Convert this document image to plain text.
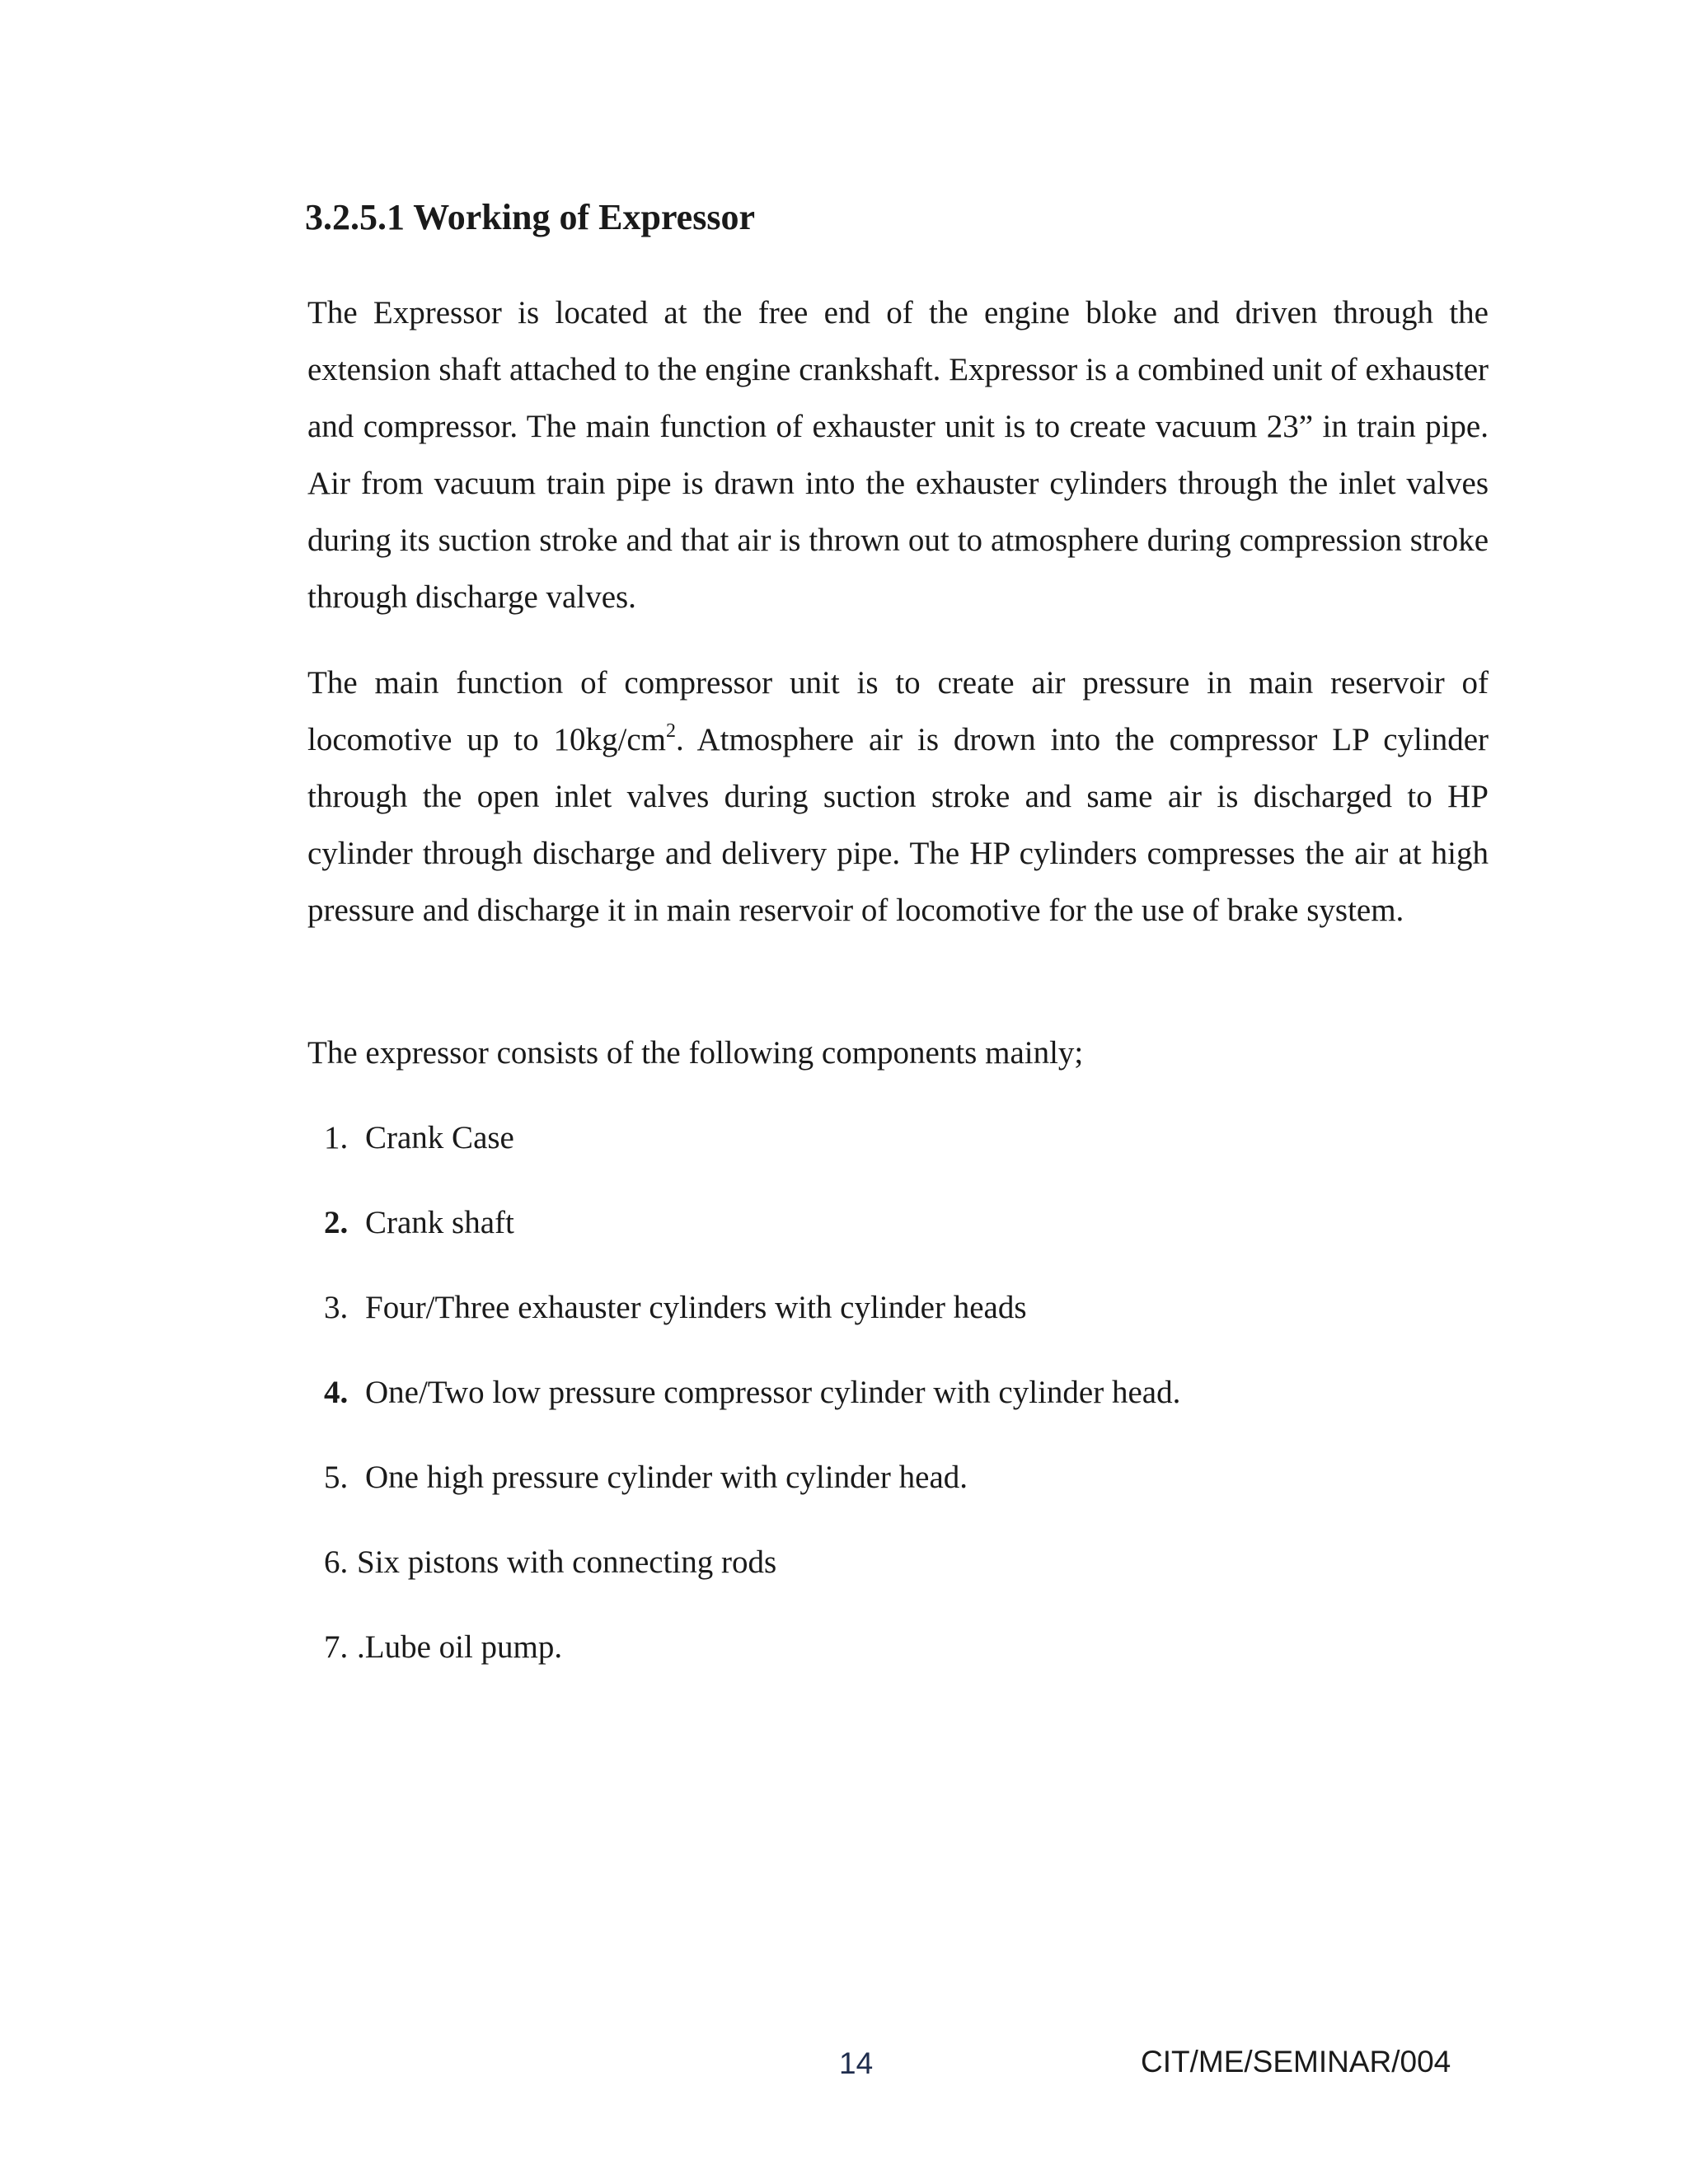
3.2.5.1 Working of Expressor

The Expressor is located at the free end of the engine bloke and driven through the extension shaft attached to the engine crankshaft. Expressor is a combined unit of exhauster and compressor. The main function of exhauster unit is to create vacuum 23” in train pipe. Air from vacuum train pipe is drawn into the exhauster cylinders through the inlet valves during its suction stroke and that air is thrown out to atmosphere during compression stroke through discharge valves.

The main function of compressor unit is to create air pressure in main reservoir of locomotive up to $10kg/cm^2$. Atmosphere air is drown into the compressor LP cylinder through the open inlet valves during suction stroke and same air is discharged to HP cylinder through discharge and delivery pipe. The HP cylinders compresses the air at high pressure and discharge it in main reservoir of locomotive for the use of brake system.

The expressor consists of the following components mainly;

1. Crank Case
2. Crank shaft
3. Four/Three exhauster cylinders with cylinder heads
4. One/Two low pressure compressor cylinder with cylinder head.
5. One high pressure cylinder with cylinder head.
6. Six pistons with connecting rods
7. .Lube oil pump.
14	CIT/ME/SEMINAR/004
